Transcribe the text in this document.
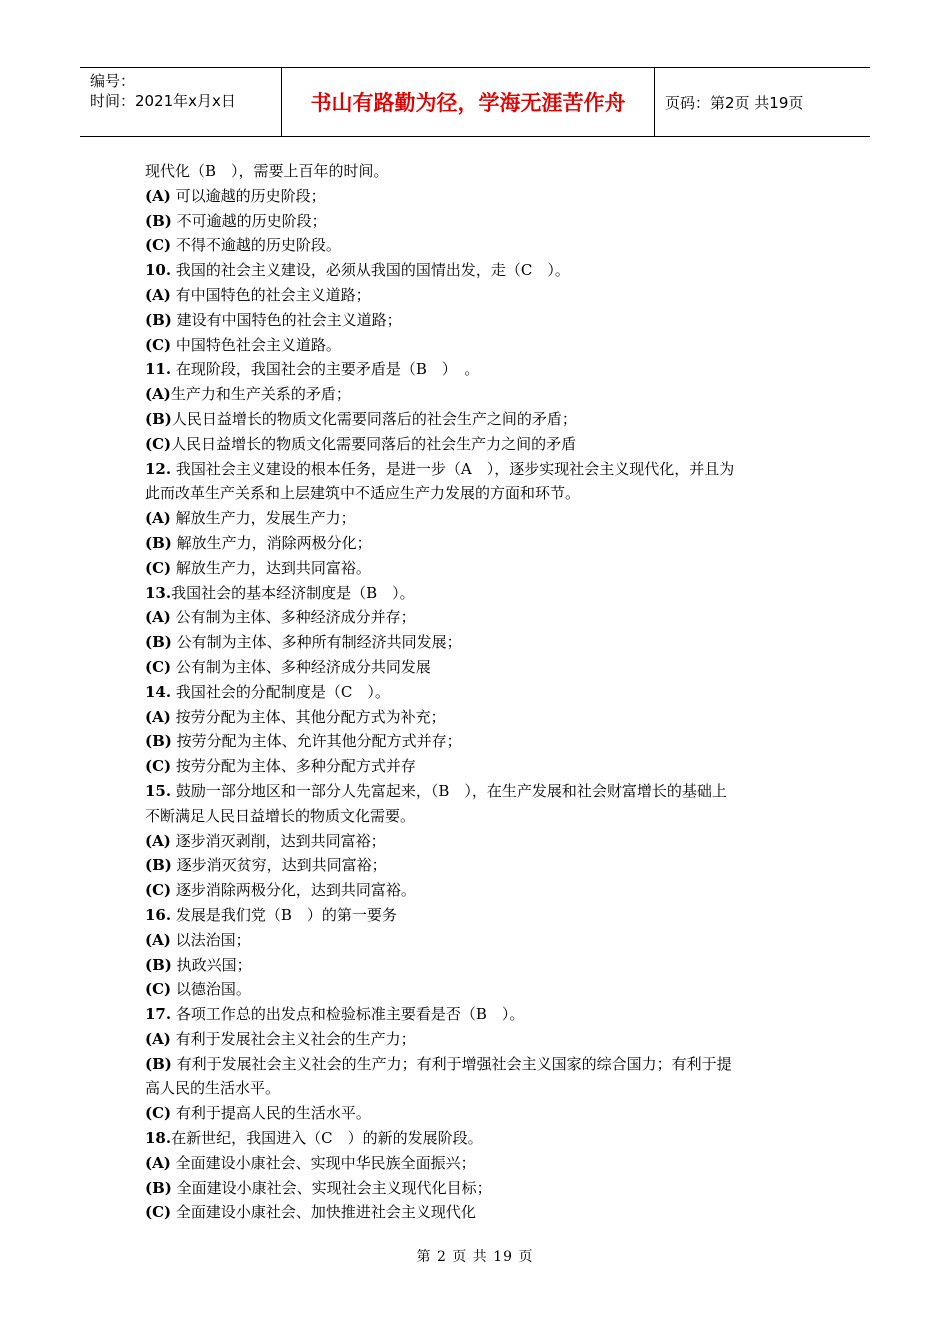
编号：
时间：2021年x月x日	书山有路勤为径，学海无涯苦作舟	页码：第2页 共19页
现代化（B　），需要上百年的时间。
(A) 可以逾越的历史阶段；
(B) 不可逾越的历史阶段；
(C) 不得不逾越的历史阶段。
10. 我国的社会主义建设，必须从我国的国情出发，走（C　）。
(A) 有中国特色的社会主义道路；
(B) 建设有中国特色的社会主义道路；
(C) 中国特色社会主义道路。
11. 在现阶段，我国社会的主要矛盾是（B　）　。
(A)生产力和生产关系的矛盾；
(B)人民日益增长的物质文化需要同落后的社会生产之间的矛盾；
(C)人民日益增长的物质文化需要同落后的社会生产力之间的矛盾
12. 我国社会主义建设的根本任务，是进一步（A　），逐步实现社会主义现代化，并且为
此而改革生产关系和上层建筑中不适应生产力发展的方面和环节。
(A) 解放生产力，发展生产力；
(B) 解放生产力，消除两极分化；
(C) 解放生产力，达到共同富裕。
13.我国社会的基本经济制度是（B　）。
(A) 公有制为主体、多种经济成分并存；
(B) 公有制为主体、多种所有制经济共同发展；
(C) 公有制为主体、多种经济成分共同发展
14. 我国社会的分配制度是（C　）。
(A) 按劳分配为主体、其他分配方式为补充；
(B) 按劳分配为主体、允许其他分配方式并存；
(C) 按劳分配为主体、多种分配方式并存
15. 鼓励一部分地区和一部分人先富起来，（B　），在生产发展和社会财富增长的基础上
不断满足人民日益增长的物质文化需要。
(A) 逐步消灭剥削，达到共同富裕；
(B) 逐步消灭贫穷，达到共同富裕；
(C) 逐步消除两极分化，达到共同富裕。
16. 发展是我们党（B　）的第一要务
(A) 以法治国；
(B) 执政兴国；
(C) 以德治国。
17. 各项工作总的出发点和检验标准主要看是否（B　）。
(A) 有利于发展社会主义社会的生产力；
(B) 有利于发展社会主义社会的生产力；有利于增强社会主义国家的综合国力；有利于提
高人民的生活水平。
(C) 有利于提高人民的生活水平。
18.在新世纪，我国进入（C　）的新的发展阶段。
(A) 全面建设小康社会、实现中华民族全面振兴；
(B) 全面建设小康社会、实现社会主义现代化目标；
(C) 全面建设小康社会、加快推进社会主义现代化
第 2 页 共 19 页
